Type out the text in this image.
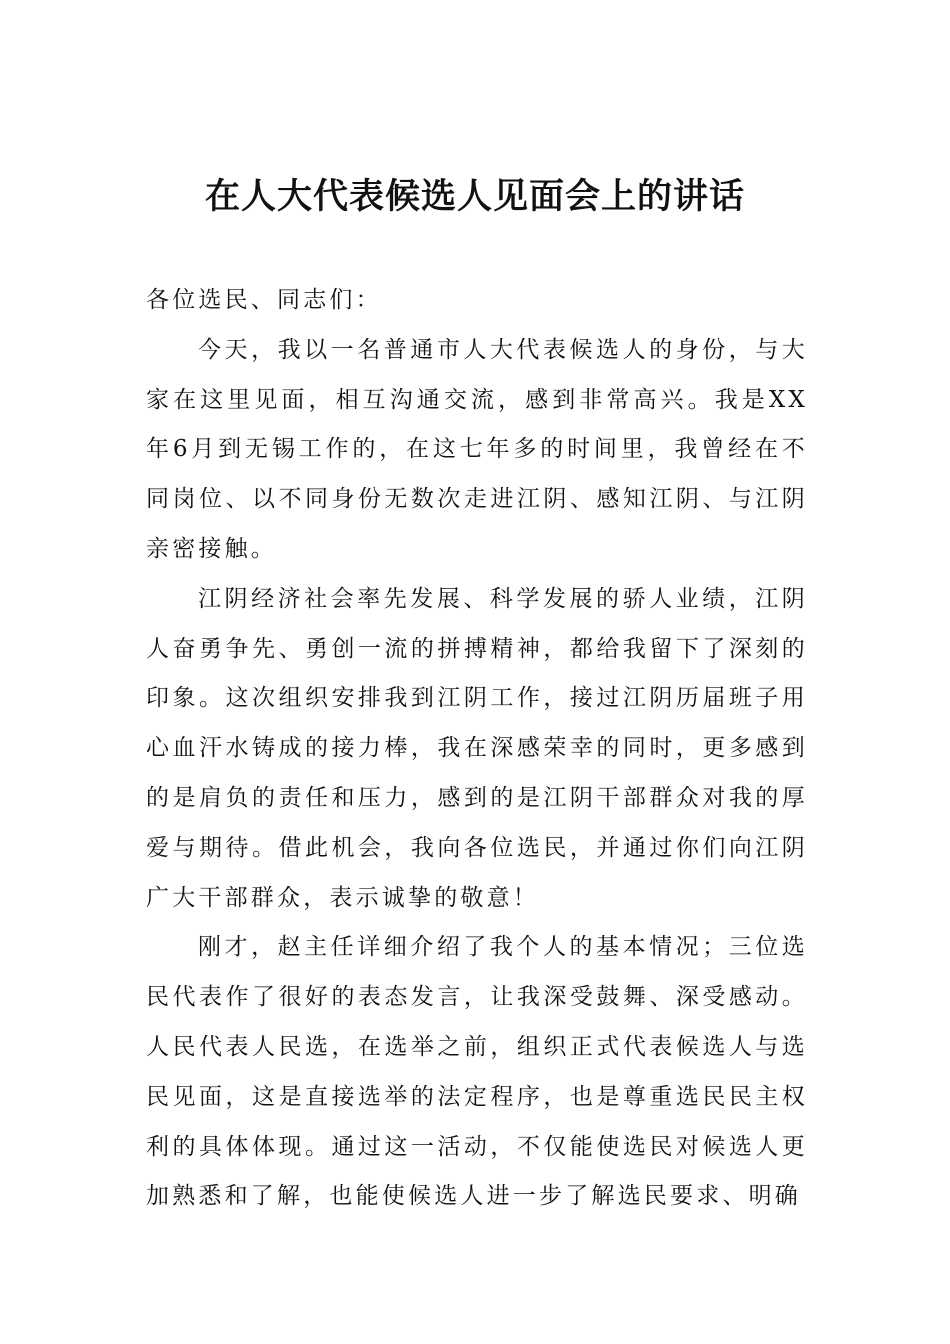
在人大代表候选人见面会上的讲话

各位选民、同志们：

今天，我以一名普通市人大代表候选人的身份，与大家在这里见面，相互沟通交流，感到非常高兴。我是XX年6月到无锡工作的，在这七年多的时间里，我曾经在不同岗位、以不同身份无数次走进江阴、感知江阴、与江阴亲密接触。

江阴经济社会率先发展、科学发展的骄人业绩，江阴人奋勇争先、勇创一流的拼搏精神，都给我留下了深刻的印象。这次组织安排我到江阴工作，接过江阴历届班子用心血汗水铸成的接力棒，我在深感荣幸的同时，更多感到的是肩负的责任和压力，感到的是江阴干部群众对我的厚爱与期待。借此机会，我向各位选民，并通过你们向江阴广大干部群众，表示诚挚的敬意！

刚才，赵主任详细介绍了我个人的基本情况；三位选民代表作了很好的表态发言，让我深受鼓舞、深受感动。人民代表人民选，在选举之前，组织正式代表候选人与选民见面，这是直接选举的法定程序，也是尊重选民民主权利的具体体现。通过这一活动，不仅能使选民对候选人更加熟悉和了解，也能使候选人进一步了解选民要求、明确
